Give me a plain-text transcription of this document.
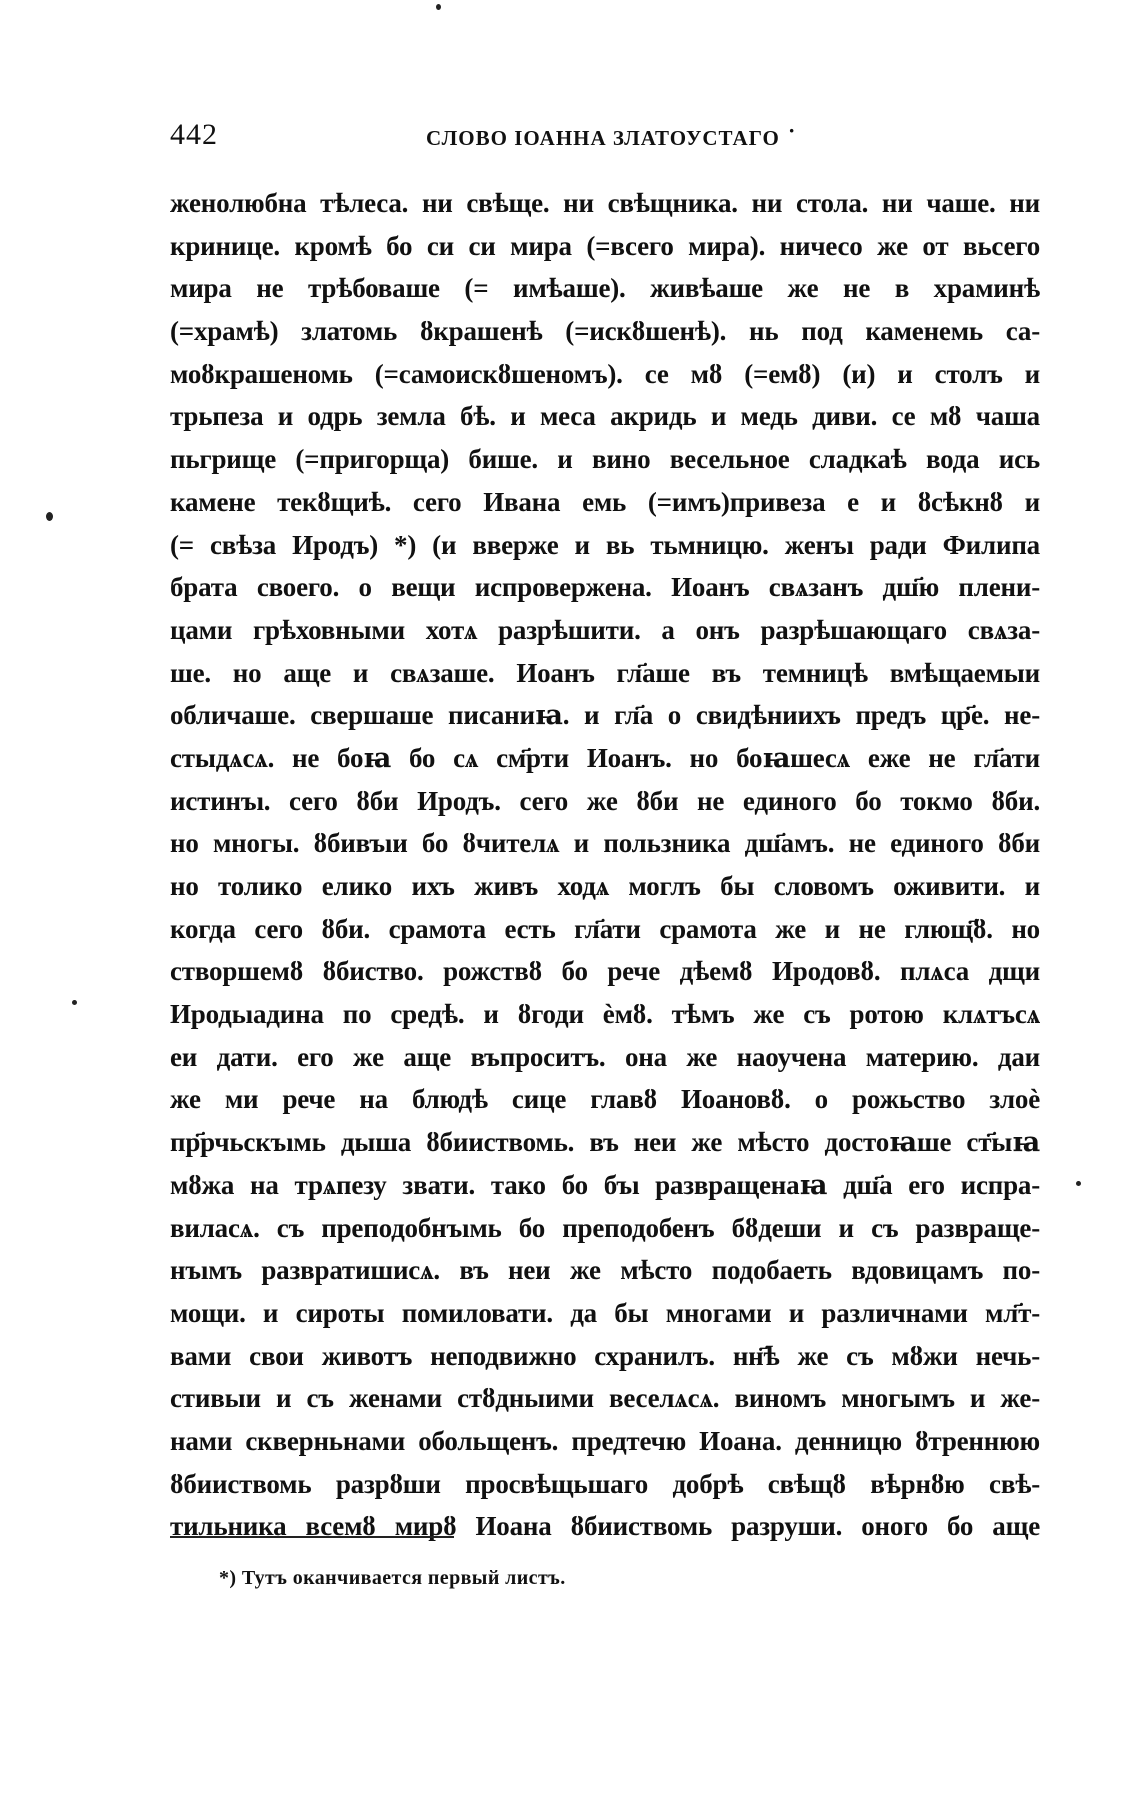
442	СЛОВО ІОАННА ЗЛАТОУСТАГО ·
женолюбна тѣлеса. ни свѣще. ни свѣщника. ни стола. ни чаше. ни
кринице. кромѣ бо си си мира (=всего мира). ничесо же от вьсего
мира не трѣбоваше (= имѣаше). живѣаше же не в храминѣ
(=храмѣ) златомь ȣкрашенѣ (=искȣшенѣ). нь под каменемь са-
моȣкрашеномь (=самоискȣшеномъ). се мȣ (=емȣ) (и) и столъ и
трьпеза и одрь земла бѣ. и меса акридь и медь диви. се мȣ чаша
пьгрище (=пригорща) бише. и вино весельное сладкаѣ вода ись
камене текȣщиѣ. сего Ивана емь (=имъ)привеза е и ȣсѣкнȣ и
(= свѣза Иродъ) *) (и вверже и вь тьмницю. женъı ради Филипа
брата своего. о вещи испровержена. Иоанъ свѧзанъ дш҃ю плени-
цами грѣховными хотѧ разрѣшити. а онъ разрѣшающаго свѧза-
ше. но аще и свѧзаше. Иоанъ гл҃аше въ темницѣ вмѣщаемыи
обличаше. свершаше писаниꙗ. и гл҃а о свидѣниихъ предъ цр҃е. не-
стыдѧсѧ. не боꙗ бо сѧ см҃рти Иоанъ. но боꙗшесѧ еже не гл҃ати
истинъı. сего ȣби Иродъ. сего же ȣби не единого бо токмо ȣби.
но многы. ȣбивъıи бо ȣчителѧ и пользника дш҃амъ. не единого ȣби
но толико елико ихъ живъ ходѧ моглъ бы словомъ оживити. и
когда сего ȣби. срамота есть гл҃ати срамота же и не глющ҃ȣ. но
створшемȣ ȣбиство. рожствȣ бо рече дѣемȣ Иродовȣ. плѧса дщи
Иродьıадина по средѣ. и ȣгоди ѐмȣ. тѣмъ же съ ротою клѧтъсѧ
еи дати. его же аще въпроситъ. она же наоучена материю. даи
же ми рече на блюдѣ сице главȣ Иоановȣ. о рожьство злоѐ
пр҃рчьскъıмь дыша ȣбииствомь. въ неи же мѣсто достоꙗше ст҃ыꙗ
мȣжа на трѧпезу звати. тако бо бъı развращенаꙗ дш҃а его испра-
виласѧ. съ преподобнъıмь бо преподобенъ бȣдеши и съ развраще-
нъıмъ развратишисѧ. въ неи же мѣсто подобаеть вдовицамъ по-
мощи. и сироты помиловати. да бы многами и различнами мл҃т-
вами свои животъ неподвижно схранилъ. нн҃ѣ же съ мȣжи нечь-
стивыи и съ женами стȣдныими веселѧсѧ. виномъ многымъ и же-
нами скверньнами обольщенъ. предтечю Иоана. денницю ȣтреннюю
ȣбииствомь разрȣши просвѣщьшаго добрѣ свѣщȣ вѣрнȣю свѣ-
тильника всемȣ мирȣ Иоана ȣбииствомь разруши. оного бо аще
*) Тутъ оканчивается первый листъ.
